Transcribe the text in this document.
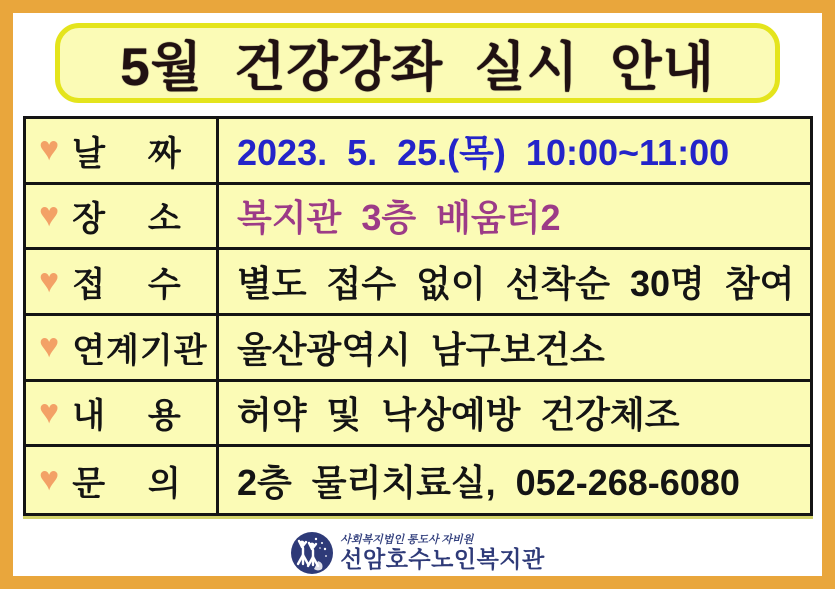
5월  건강강좌  실시  안내
♥ 날    짜 2023.  5.  25.(목)  10:00~11:00
♥ 장    소 복지관  3층  배움터2
♥ 접    수 별도  접수  없이  선착순  30명  참여
♥ 연계기관 울산광역시  남구보건소
♥ 내    용 허약  및  낙상예방  건강체조
♥ 문    의 2층  물리치료실,  052-268-6080
사회복지법인 통도사 자비원
선암호수노인복지관
